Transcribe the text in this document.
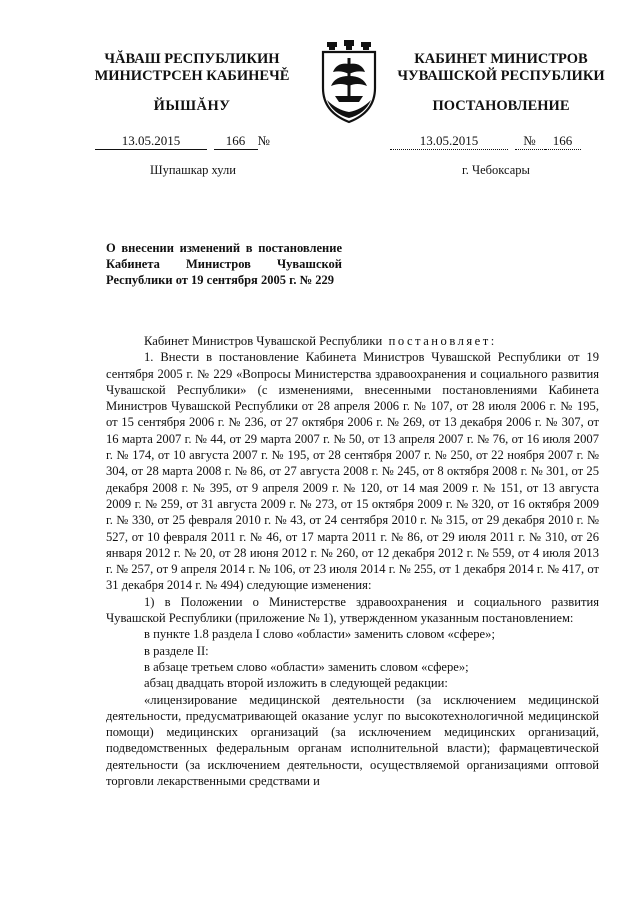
ЧĂВАШ РЕСПУБЛИКИН
МИНИСТРСЕН КАБИНЕЧĚ
ЙЫШĂНУ
КАБИНЕТ МИНИСТРОВ
ЧУВАШСКОЙ РЕСПУБЛИКИ
ПОСТАНОВЛЕНИЕ
13.05.2015	166 №	13.05.2015	№ 166
Шупашкар хули	г. Чебоксары
О внесении изменений в постановление Кабинета Министров Чувашской Республики от 19 сентября 2005 г. № 229

Кабинет Министров Чувашской Республики постановляет:

1. Внести в постановление Кабинета Министров Чувашской Республики от 19 сентября 2005 г. № 229 «Вопросы Министерства здравоохранения и социального развития Чувашской Республики» (с изменениями, внесенными постановлениями Кабинета Министров Чувашской Республики от 28 апреля 2006 г. № 107, от 28 июля 2006 г. № 195, от 15 сентября 2006 г. № 236, от 27 октября 2006 г. № 269, от 13 декабря 2006 г. № 307, от 16 марта 2007 г. № 44, от 29 марта 2007 г. № 50, от 13 апреля 2007 г. № 76, от 16 июля 2007 г. № 174, от 10 августа 2007 г. № 195, от 28 сентября 2007 г. № 250, от 22 ноября 2007 г. № 304, от 28 марта 2008 г. № 86, от 27 августа 2008 г. № 245, от 8 октября 2008 г. № 301, от 25 декабря 2008 г. № 395, от 9 апреля 2009 г. № 120, от 14 мая 2009 г. № 151, от 13 августа 2009 г. № 259, от 31 августа 2009 г. № 273, от 15 октября 2009 г. № 320, от 16 октября 2009 г. № 330, от 25 февраля 2010 г. № 43, от 24 сентября 2010 г. № 315, от 29 декабря 2010 г. № 527, от 10 февраля 2011 г. № 46, от 17 марта 2011 г. № 86, от 29 июля 2011 г. № 310, от 26 января 2012 г. № 20, от 28 июня 2012 г. № 260, от 12 декабря 2012 г. № 559, от 4 июля 2013 г. № 257, от 9 апреля 2014 г. № 106, от 23 июля 2014 г. № 255, от 1 декабря 2014 г. № 417, от 31 декабря 2014 г. № 494) следующие изменения:

1) в Положении о Министерстве здравоохранения и социального развития Чувашской Республики (приложение № 1), утвержденном указанным постановлением:

в пункте 1.8 раздела I слово «области» заменить словом «сфере»;

в разделе II:

в абзаце третьем слово «области» заменить словом «сфере»;

абзац двадцать второй изложить в следующей редакции:

«лицензирование медицинской деятельности (за исключением медицинской деятельности, предусматривающей оказание услуг по высокотехнологичной медицинской помощи) медицинских организаций (за исключением медицинских организаций, подведомственных федеральным органам исполнительной власти); фармацевтической деятельности (за исключением деятельности, осуществляемой организациями оптовой торговли лекарственными средствами и
